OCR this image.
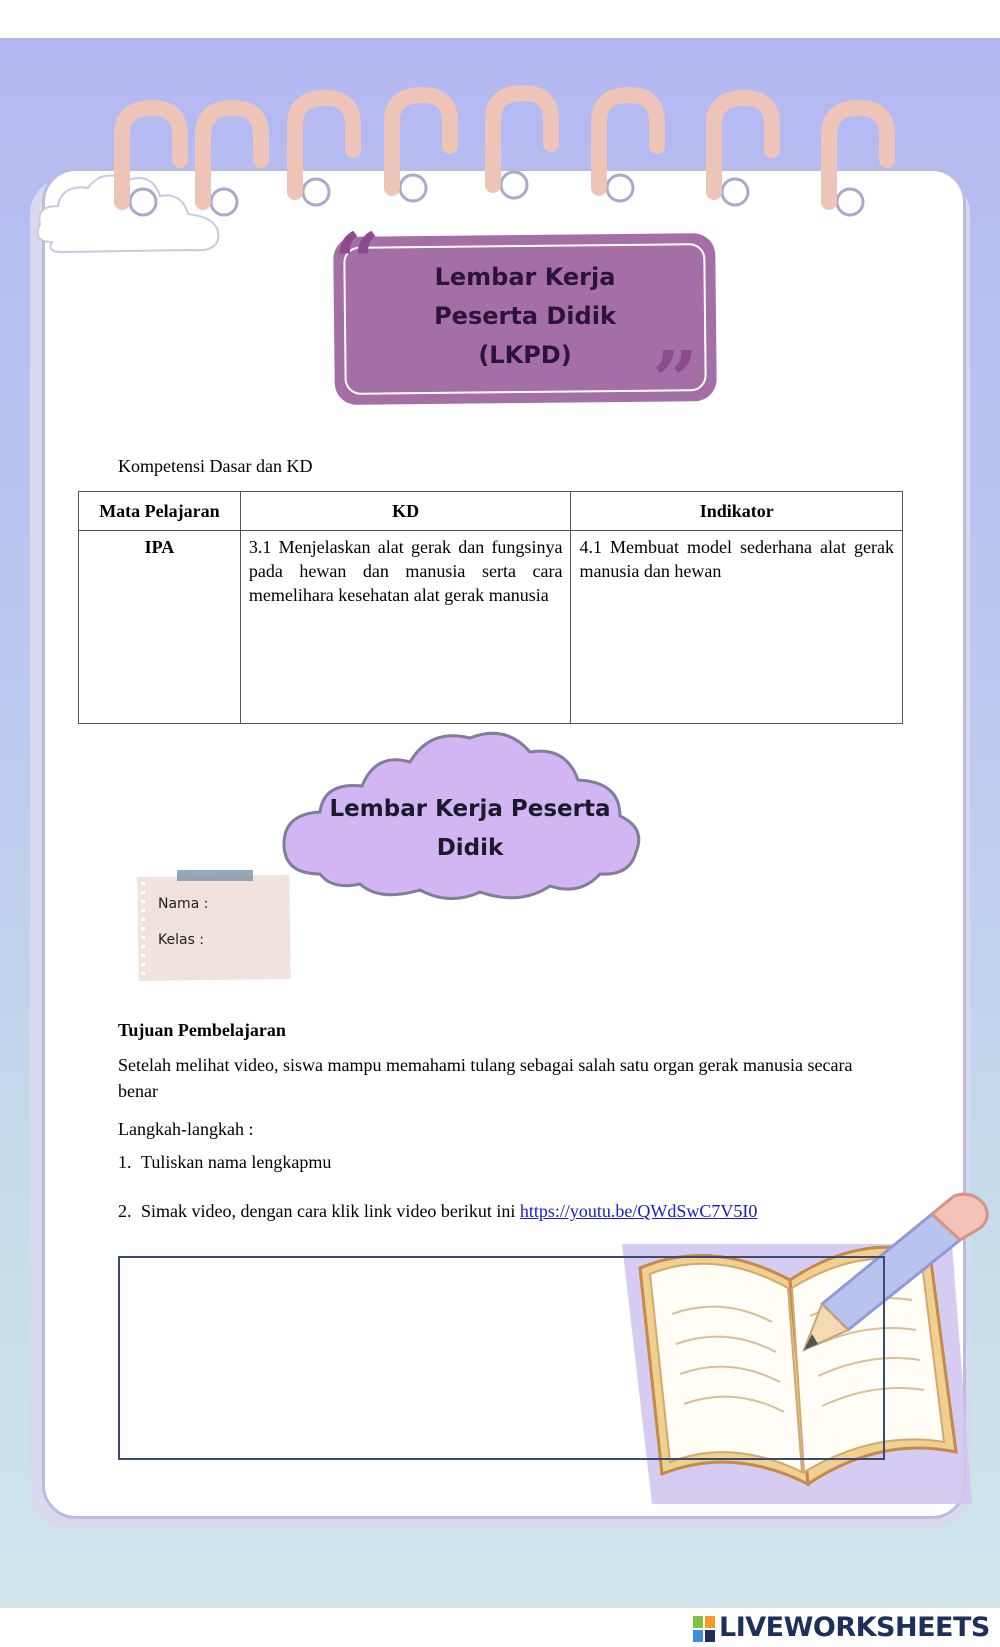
“
”
Lembar Kerja
Peserta Didik
(LKPD)
Kompetensi Dasar dan KD
Mata Pelajaran	KD	Indikator
IPA	3.1 Menjelaskan alat gerak dan fungsinya pada hewan dan manusia serta cara memelihara kesehatan alat gerak manusia	4.1 Membuat model sederhana alat gerak manusia dan hewan
Lembar Kerja Peserta Didik
Nama :
Kelas :
Tujuan Pembelajaran
Setelah melihat video, siswa mampu memahami tulang sebagai salah satu organ gerak manusia secara benar
Langkah-langkah :
1. Tuliskan nama lengkapmu
2. Simak video, dengan cara klik link video berikut ini https://youtu.be/QWdSwC7V5I0
LIVEWORKSHEETS
